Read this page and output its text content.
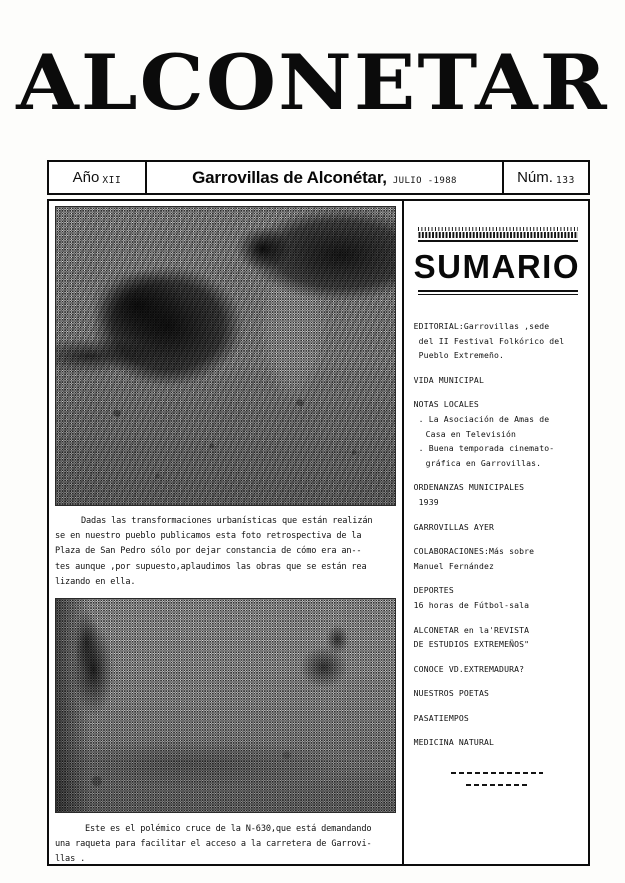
ALCONETAR
Año XII	Garrovillas de Alconétar, JULIO -1988	Núm. 133
Dadas las transformaciones urbanísticas que están realizán
se en nuestro pueblo publicamos esta foto retrospectiva de la
Plaza de San Pedro sólo por dejar constancia de cómo era an--
tes aunque ,por supuesto,aplaudimos las obras que se están rea
lizando en ella.
Este es el polémico cruce de la N-630,que está demandando
una raqueta para facilitar el acceso a la carretera de Garrovi-
llas .
SUMARIO
EDITORIAL:Garrovillas ,sede
del II Festival Folkórico del
Pueblo Extremeño.
VIDA MUNICIPAL
NOTAS LOCALES
. La Asociación de Amas de
Casa en Televisión
. Buena temporada cinemato-
gráfica en Garrovillas.
ORDENANZAS MUNICIPALES
1939
GARROVILLAS AYER
COLABORACIONES:Más sobre
Manuel Fernández
DEPORTES
16 horas de Fútbol-sala
ALCONETAR en la'REVISTA
DE ESTUDIOS EXTREMEÑOS"
CONOCE VD.EXTREMADURA?
NUESTROS POETAS
PASATIEMPOS
MEDICINA NATURAL
